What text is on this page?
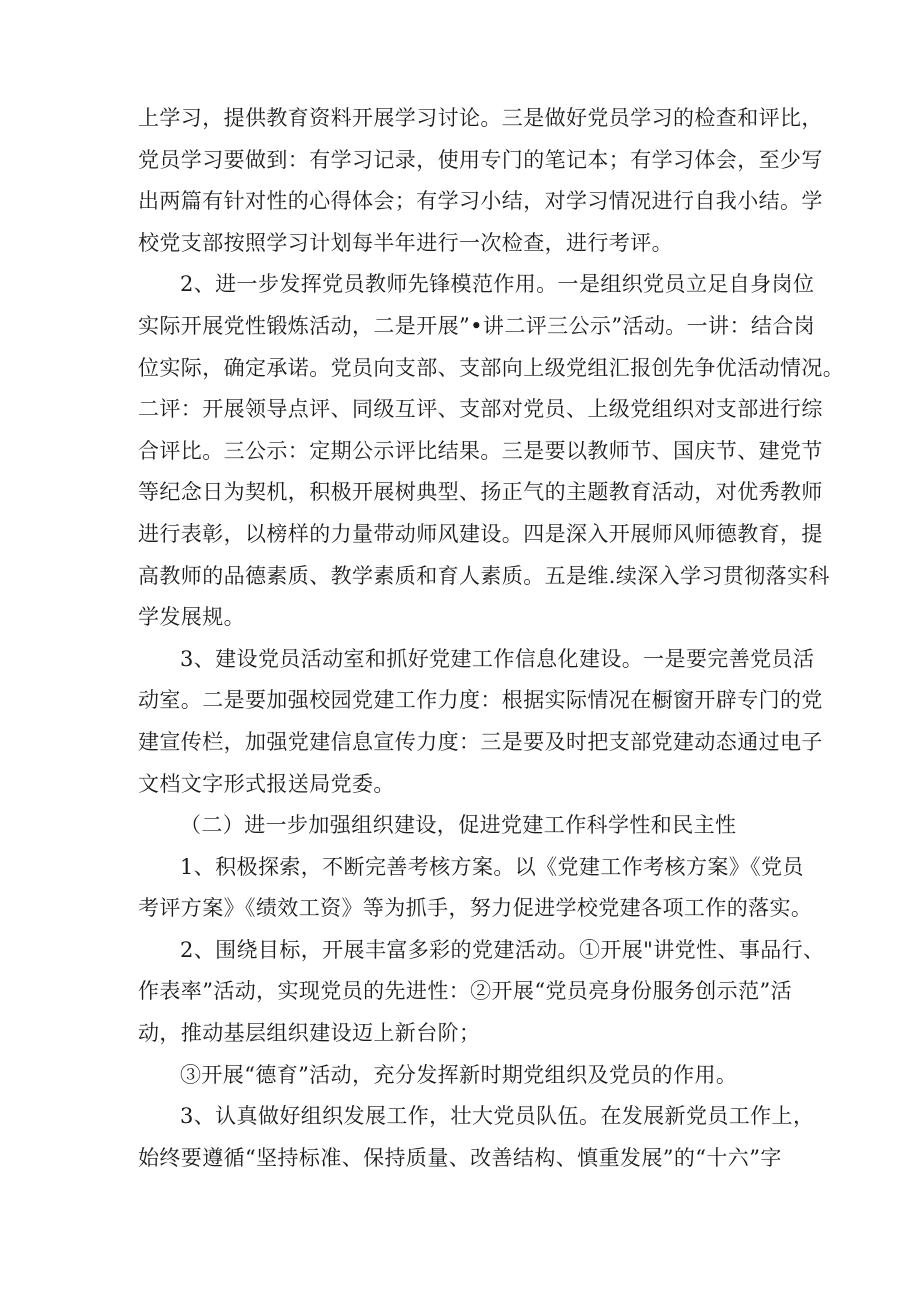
上学习，提供教育资料开展学习讨论。三是做好党员学习的检查和评比，
党员学习要做到：有学习记录，使用专门的笔记本；有学习体会，至少写
出两篇有针对性的心得体会；有学习小结，对学习情况进行自我小结。学
校党支部按照学习计划每半年进行一次检查，进行考评。
2、进一步发挥党员教师先锋模范作用。一是组织党员立足自身岗位
实际开展党性锻炼活动，二是开展”•讲二评三公示”活动。一讲：结合岗
位实际，确定承诺。党员向支部、支部向上级党组汇报创先争优活动情况。
二评：开展领导点评、同级互评、支部对党员、上级党组织对支部进行综
合评比。三公示：定期公示评比结果。三是要以教师节、国庆节、建党节
等纪念日为契机，积极开展树典型、扬正气的主题教育活动，对优秀教师
进行表彰，以榜样的力量带动师风建设。四是深入开展师风师德教育，提
高教师的品德素质、教学素质和育人素质。五是维.续深入学习贯彻落实科
学发展规。
3、建设党员活动室和抓好党建工作信息化建设。一是要完善党员活
动室。二是要加强校园党建工作力度：根据实际情况在橱窗开辟专门的党
建宣传栏，加强党建信息宣传力度：三是要及时把支部党建动态通过电子
文档文字形式报送局党委。
（二）进一步加强组织建设，促进党建工作科学性和民主性
1、积极探索，不断完善考核方案。以《党建工作考核方案》《党员
考评方案》《绩效工资》等为抓手，努力促进学校党建各项工作的落实。
2、围绕目标，开展丰富多彩的党建活动。①开展"讲党性、事品行、
作表率”活动，实现党员的先进性：②开展“党员亮身份服务创示范”活
动，推动基层组织建设迈上新台阶；
③开展“德育”活动，充分发挥新时期党组织及党员的作用。
3、认真做好组织发展工作，壮大党员队伍。在发展新党员工作上，
始终要遵循“坚持标准、保持质量、改善结构、慎重发展”的“十六”字
